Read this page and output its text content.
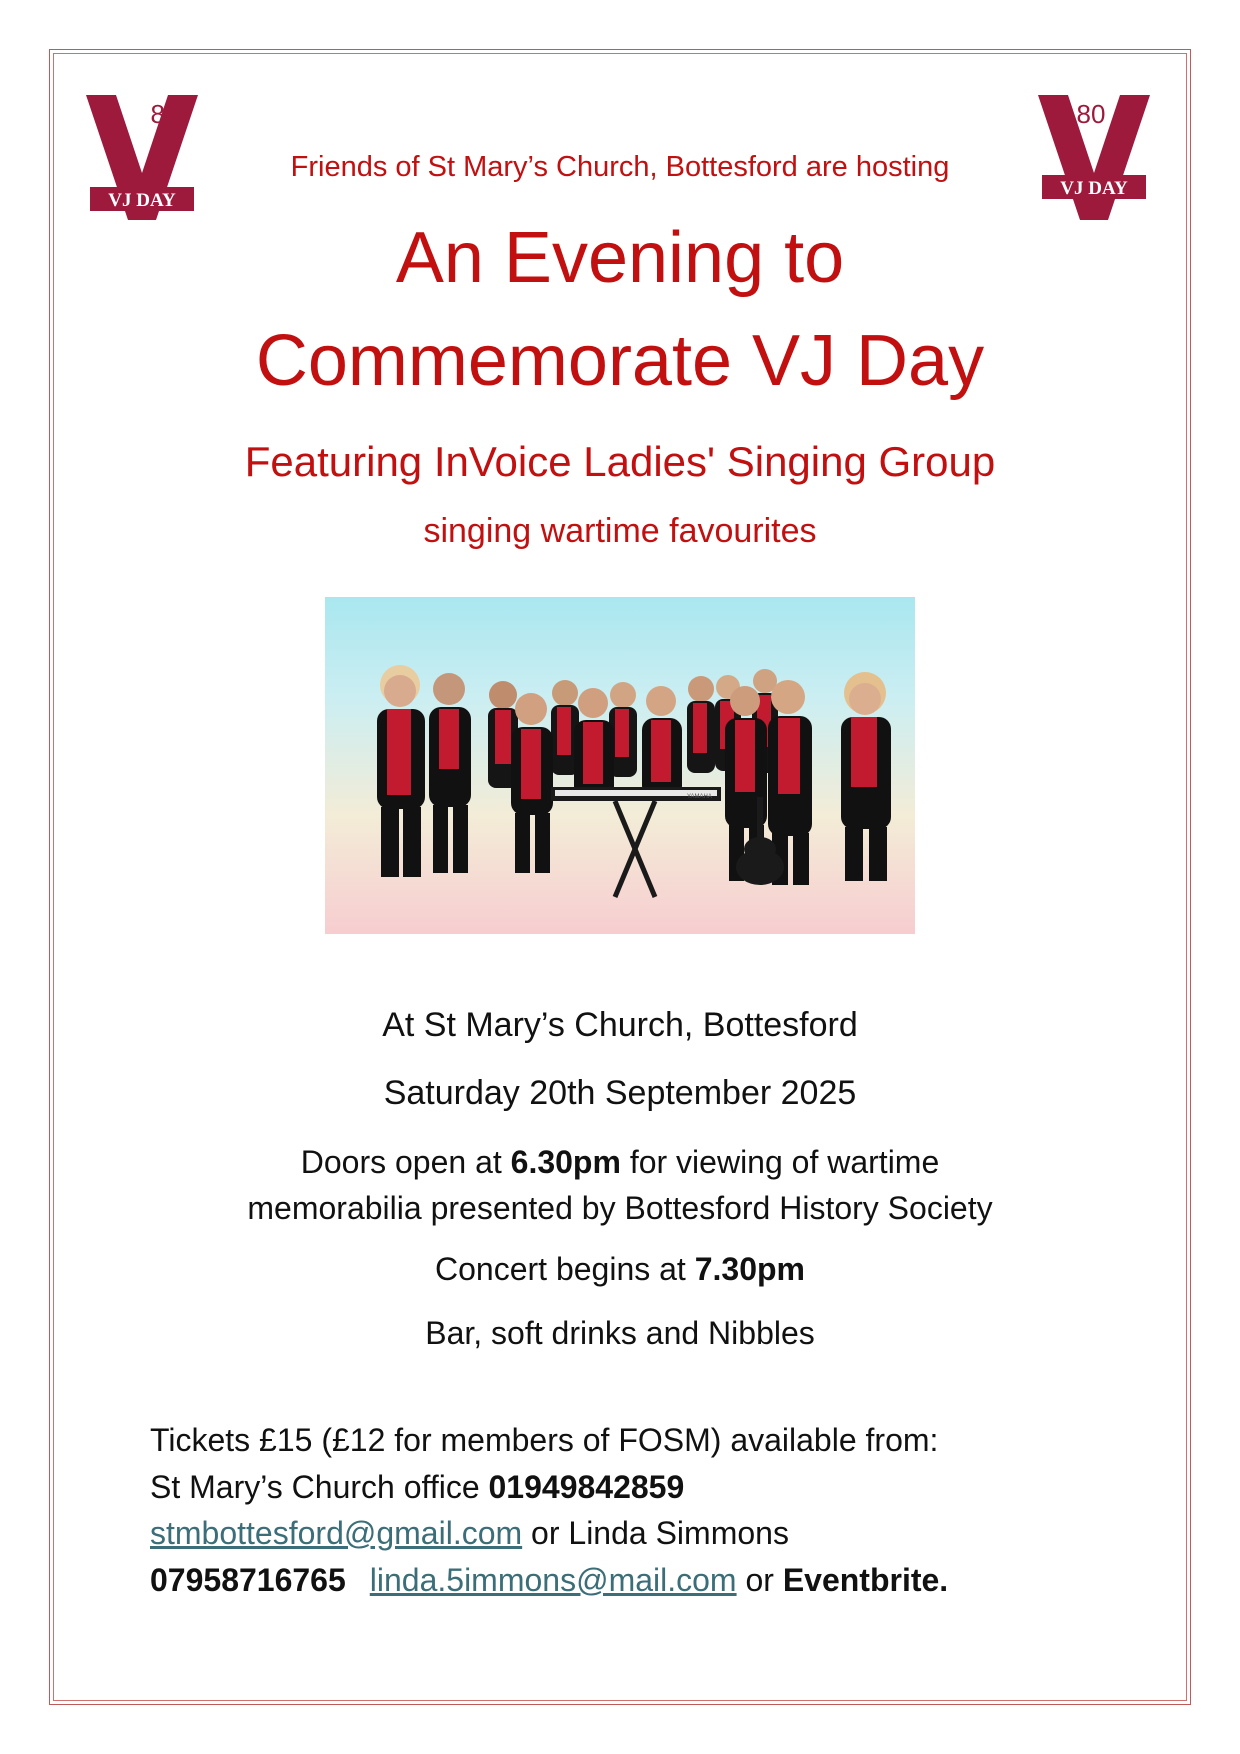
80
VJ DAY
80
VJ DAY
Friends of St Mary’s Church, Bottesford are hosting
An Evening to
Commemorate VJ Day
Featuring InVoice Ladies' Singing Group
singing wartime favourites
YAMAHA
At St Mary’s Church, Bottesford
Saturday 20th September 2025
Doors open at 6.30pm for viewing of wartime
memorabilia presented by Bottesford History Society
Concert begins at 7.30pm
Bar, soft drinks and Nibbles
Tickets £15 (£12 for members of FOSM) available from:
St Mary’s Church office 01949842859
stmbottesford@gmail.com or Linda Simmons
07958716765 linda.5immons@mail.com or Eventbrite.
